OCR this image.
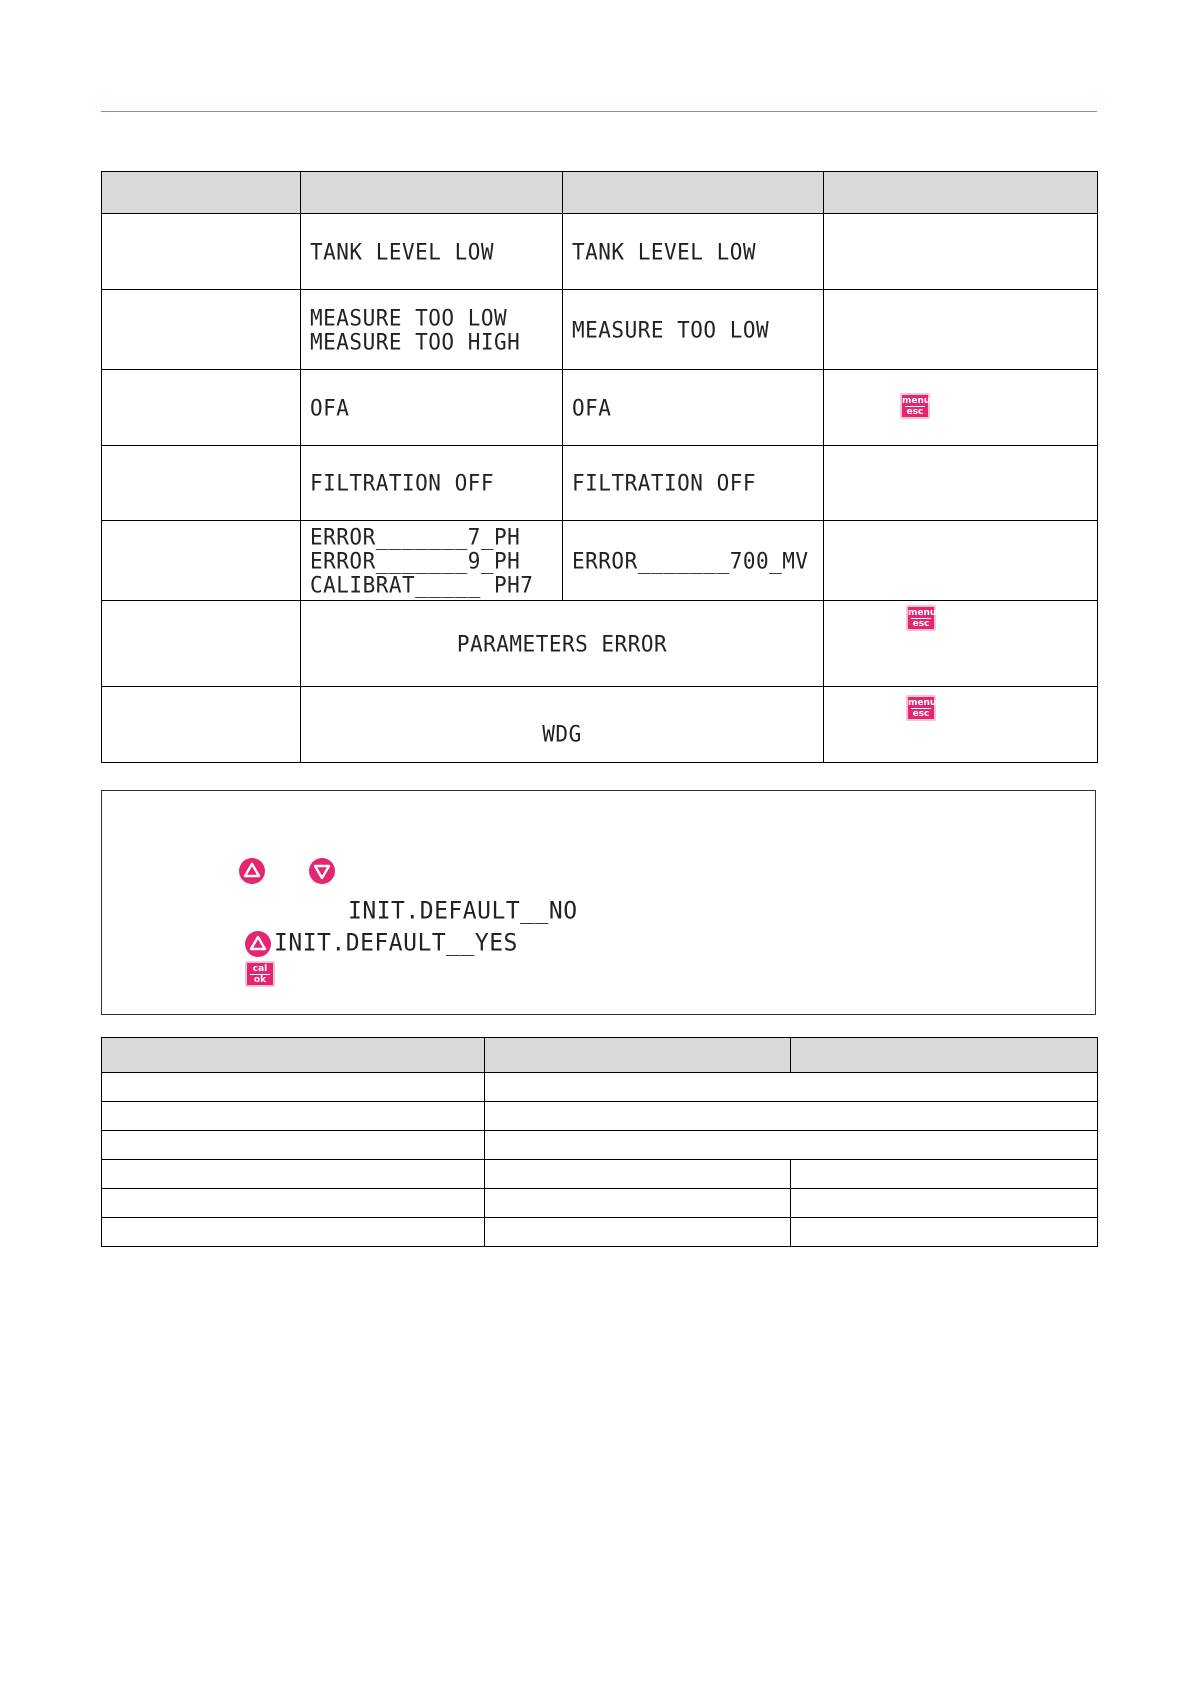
	TANK LEVEL LOW	TANK LEVEL LOW	

	MEASURE TOO LOW
MEASURE TOO HIGH	MEASURE TOO LOW	

	OFA	OFA	menu
esc

	FILTRATION OFF	FILTRATION OFF	

	ERROR_______7_PH
ERROR_______9_PH
CALIBRAT_____ PH7	ERROR_______700_MV	

	PARAMETERS ERROR		menu
esc

	WDG		menu
esc
INIT.DEFAULT__NO
INIT.DEFAULT__YES
cal
ok
